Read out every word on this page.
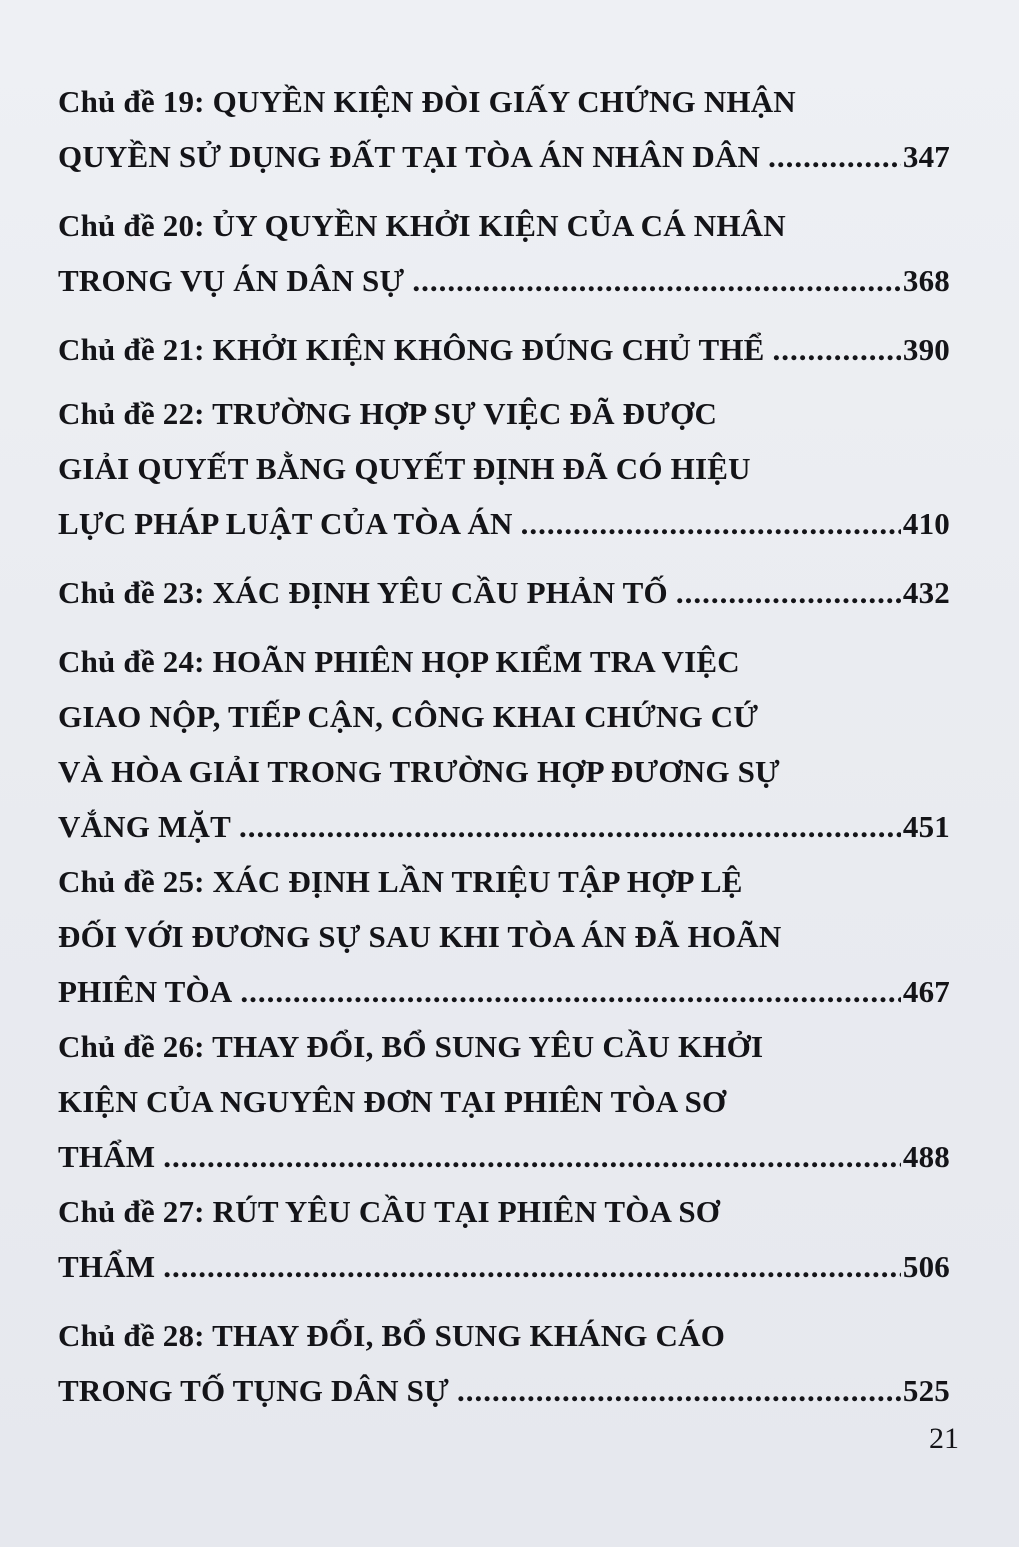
Chủ đề 19: QUYỀN KIỆN ĐÒI GIẤY CHỨNG NHẬN
QUYỀN SỬ DỤNG ĐẤT TẠI TÒA ÁN NHÂN DÂN .....	347
Chủ đề 20: ỦY QUYỀN KHỞI KIỆN CỦA CÁ NHÂN
TRONG VỤ ÁN DÂN SỰ .....	368
Chủ đề 21: KHỞI KIỆN KHÔNG ĐÚNG CHỦ THỂ .....	390
Chủ đề 22: TRƯỜNG HỢP SỰ VIỆC ĐÃ ĐƯỢC
GIẢI QUYẾT BẰNG QUYẾT ĐỊNH ĐÃ CÓ HIỆU
LỰC PHÁP LUẬT CỦA TÒA ÁN .....	410
Chủ đề 23: XÁC ĐỊNH YÊU CẦU PHẢN TỐ .....	432
Chủ đề 24: HOÃN PHIÊN HỌP KIỂM TRA VIỆC
GIAO NỘP, TIẾP CẬN, CÔNG KHAI CHỨNG CỨ
VÀ HÒA GIẢI TRONG TRƯỜNG HỢP ĐƯƠNG SỰ
VẮNG MẶT .....	451
Chủ đề 25: XÁC ĐỊNH LẦN TRIỆU TẬP HỢP LỆ
ĐỐI VỚI ĐƯƠNG SỰ SAU KHI TÒA ÁN ĐÃ HOÃN
PHIÊN TÒA .....	467
Chủ đề 26: THAY ĐỔI, BỔ SUNG YÊU CẦU KHỞI
KIỆN CỦA NGUYÊN ĐƠN TẠI PHIÊN TÒA SƠ
THẨM .....	488
Chủ đề 27: RÚT YÊU CẦU TẠI PHIÊN TÒA SƠ
THẨM .....	506
Chủ đề 28: THAY ĐỔI, BỔ SUNG KHÁNG CÁO
TRONG TỐ TỤNG DÂN SỰ .....	525
21
